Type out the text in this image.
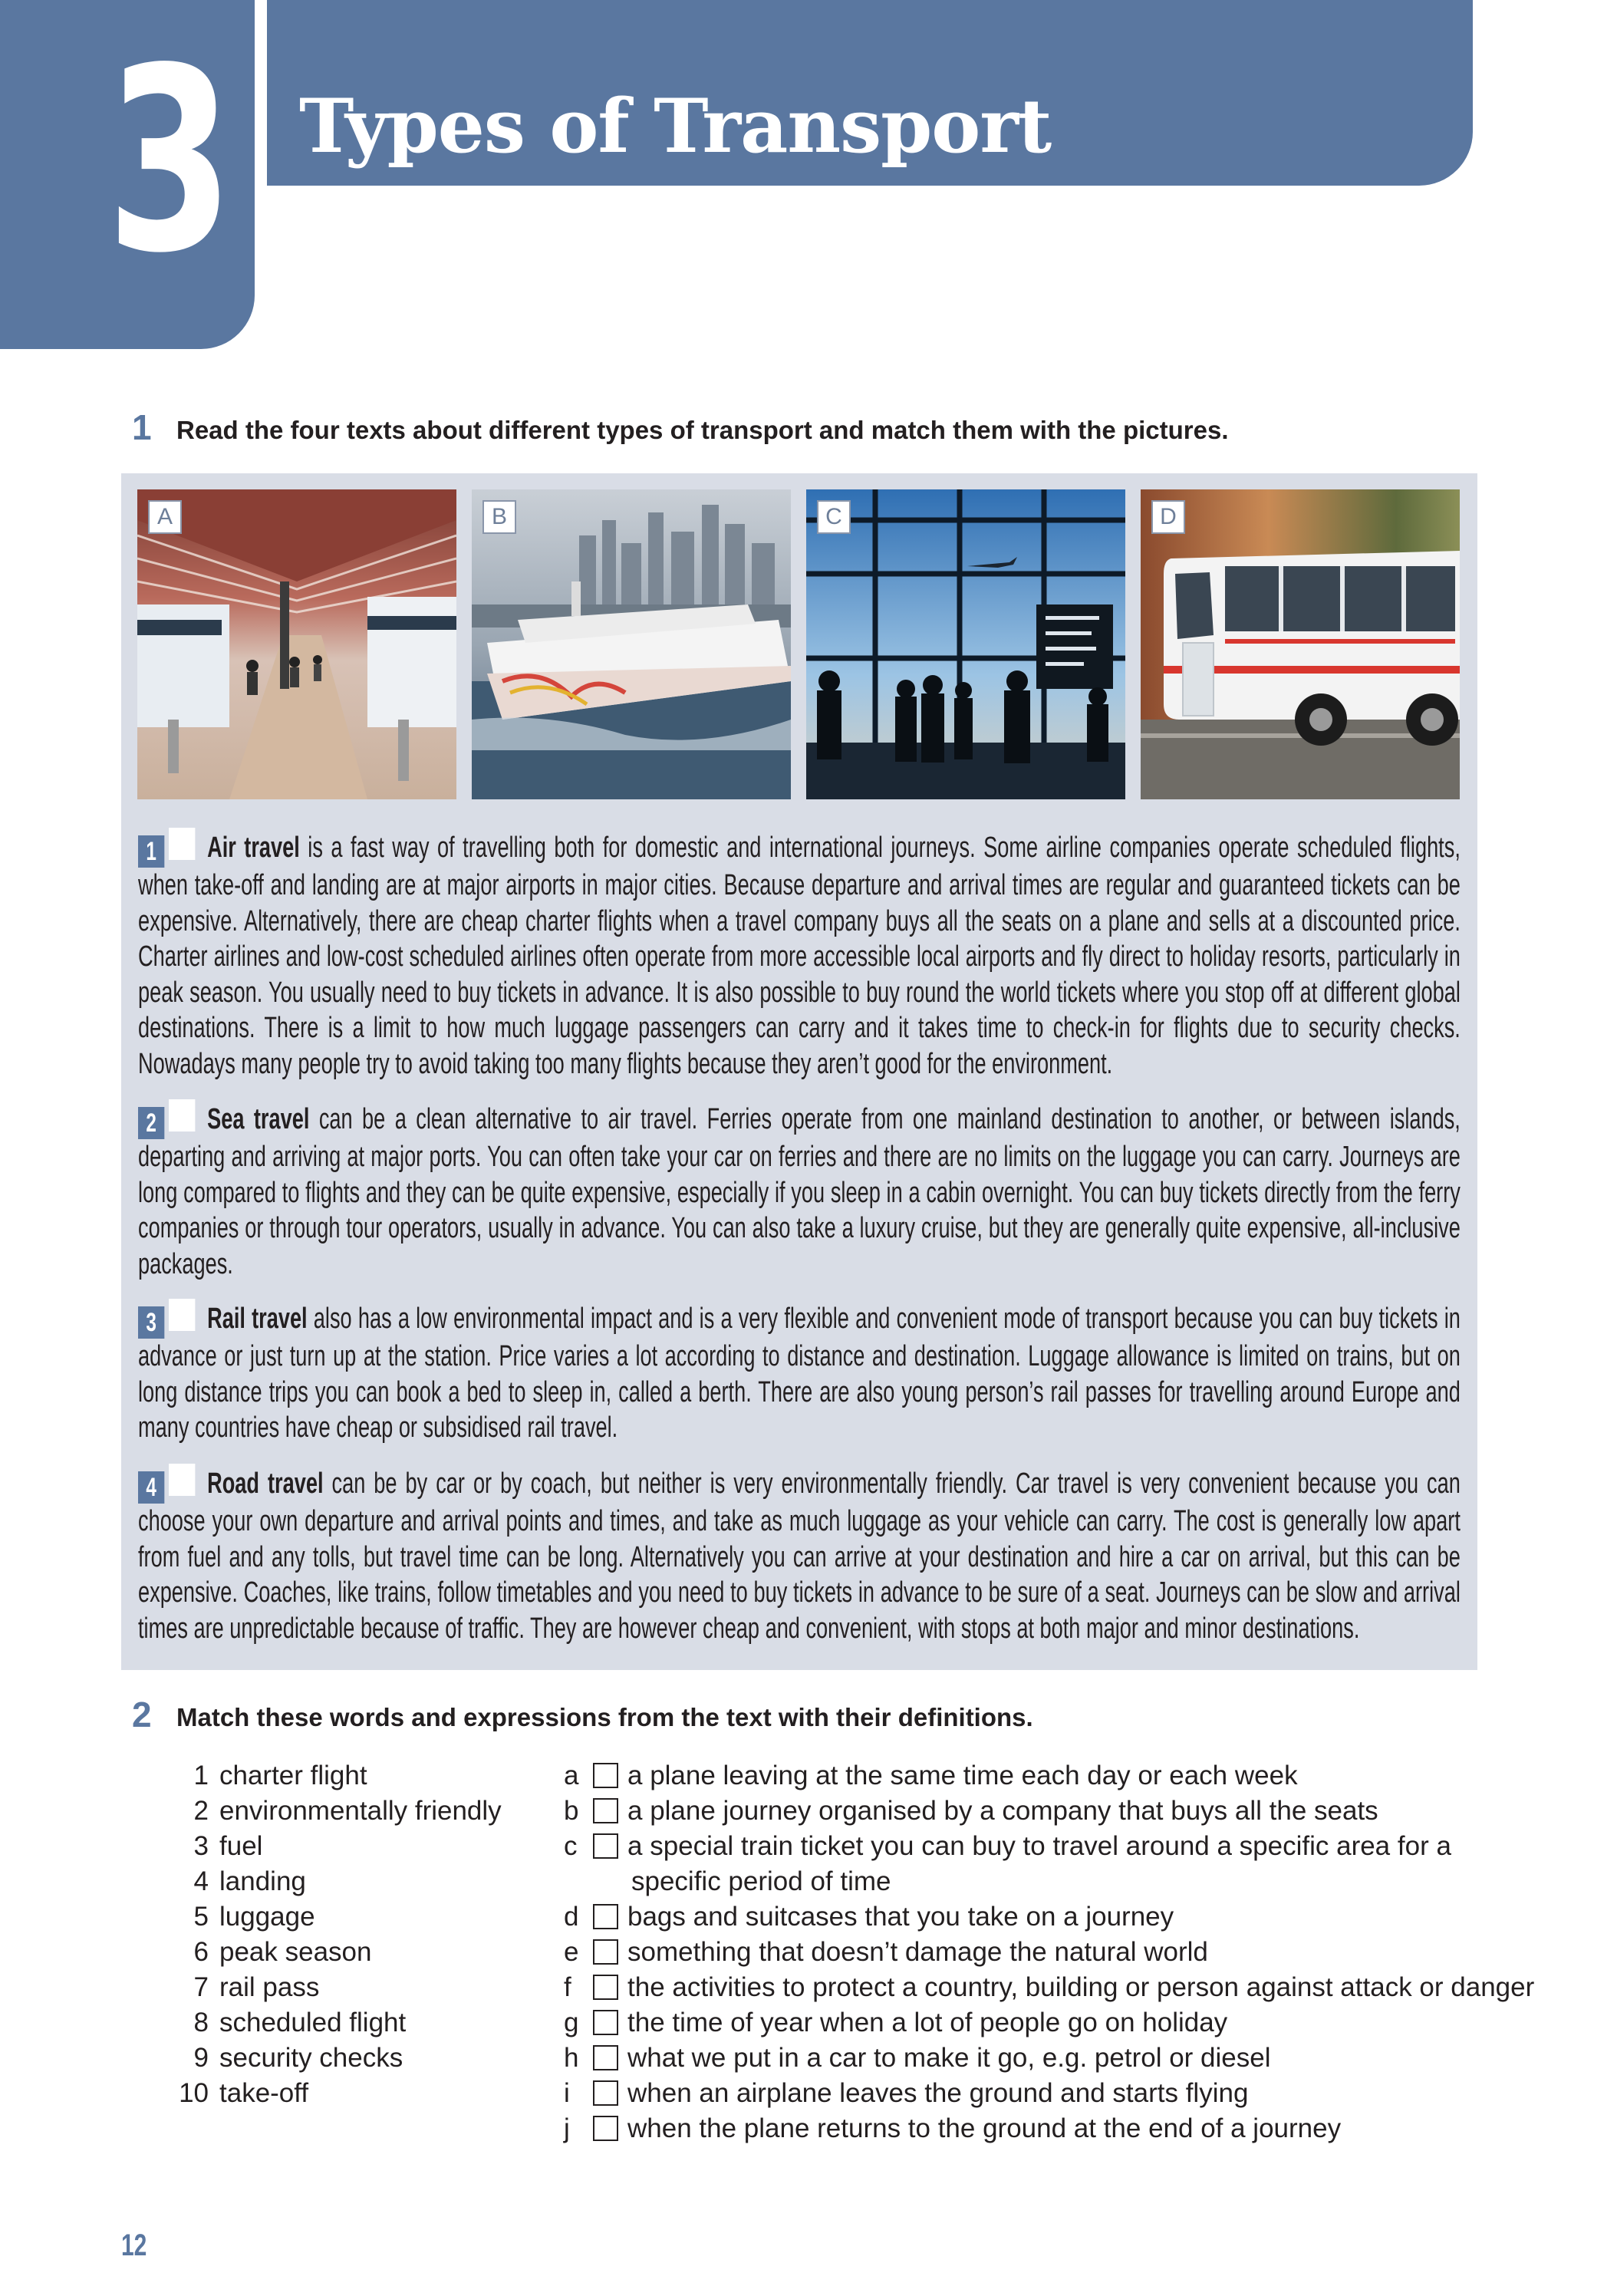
3 Types of Transport
1 Read the four texts about different types of transport and match them with the pictures.
A	B	C	D
1 Air travel is a fast way of travelling both for domestic and international journeys. Some airline companies operate scheduled flights, when take-off and landing are at major airports in major cities. Because departure and arrival times are regular and guaranteed tickets can be expensive. Alternatively, there are cheap charter flights when a travel company buys all the seats on a plane and sells at a discounted price. Charter airlines and low-cost scheduled airlines often operate from more accessible local airports and fly direct to holiday resorts, particularly in peak season. You usually need to buy tickets in advance. It is also possible to buy round the world tickets where you stop off at different global destinations. There is a limit to how much luggage passengers can carry and it takes time to check-in for flights due to security checks. Nowadays many people try to avoid taking too many flights because they aren’t good for the environment.
2 Sea travel can be a clean alternative to air travel. Ferries operate from one mainland destination to another, or between islands, departing and arriving at major ports. You can often take your car on ferries and there are no limits on the luggage you can carry. Journeys are long compared to flights and they can be quite expensive, especially if you sleep in a cabin overnight. You can buy tickets directly from the ferry companies or through tour operators, usually in advance. You can also take a luxury cruise, but they are generally quite expensive, all-inclusive packages.
3 Rail travel also has a low environmental impact and is a very flexible and convenient mode of transport because you can buy tickets in advance or just turn up at the station. Price varies a lot according to distance and destination. Luggage allowance is limited on trains, but on long distance trips you can book a bed to sleep in, called a berth. There are also young person’s rail passes for travelling around Europe and many countries have cheap or subsidised rail travel.
4 Road travel can be by car or by coach, but neither is very environmentally friendly. Car travel is very convenient because you can choose your own departure and arrival points and times, and take as much luggage as your vehicle can carry. The cost is generally low apart from fuel and any tolls, but travel time can be long. Alternatively you can arrive at your destination and hire a car on arrival, but this can be expensive. Coaches, like trains, follow timetables and you need to buy tickets in advance to be sure of a seat. Journeys can be slow and arrival times are unpredictable because of traffic. They are however cheap and convenient, with stops at both major and minor destinations.
2 Match these words and expressions from the text with their definitions.
1 charter flight
2 environmentally friendly
3 fuel
4 landing
5 luggage
6 peak season
7 rail pass
8 scheduled flight
9 security checks
10 take-off
a a plane leaving at the same time each day or each week
b a plane journey organised by a company that buys all the seats
c a special train ticket you can buy to travel around a specific area for a
specific period of time
d bags and suitcases that you take on a journey
e something that doesn’t damage the natural world
f the activities to protect a country, building or person against attack or danger
g the time of year when a lot of people go on holiday
h what we put in a car to make it go, e.g. petrol or diesel
i when an airplane leaves the ground and starts flying
j when the plane returns to the ground at the end of a journey
12
